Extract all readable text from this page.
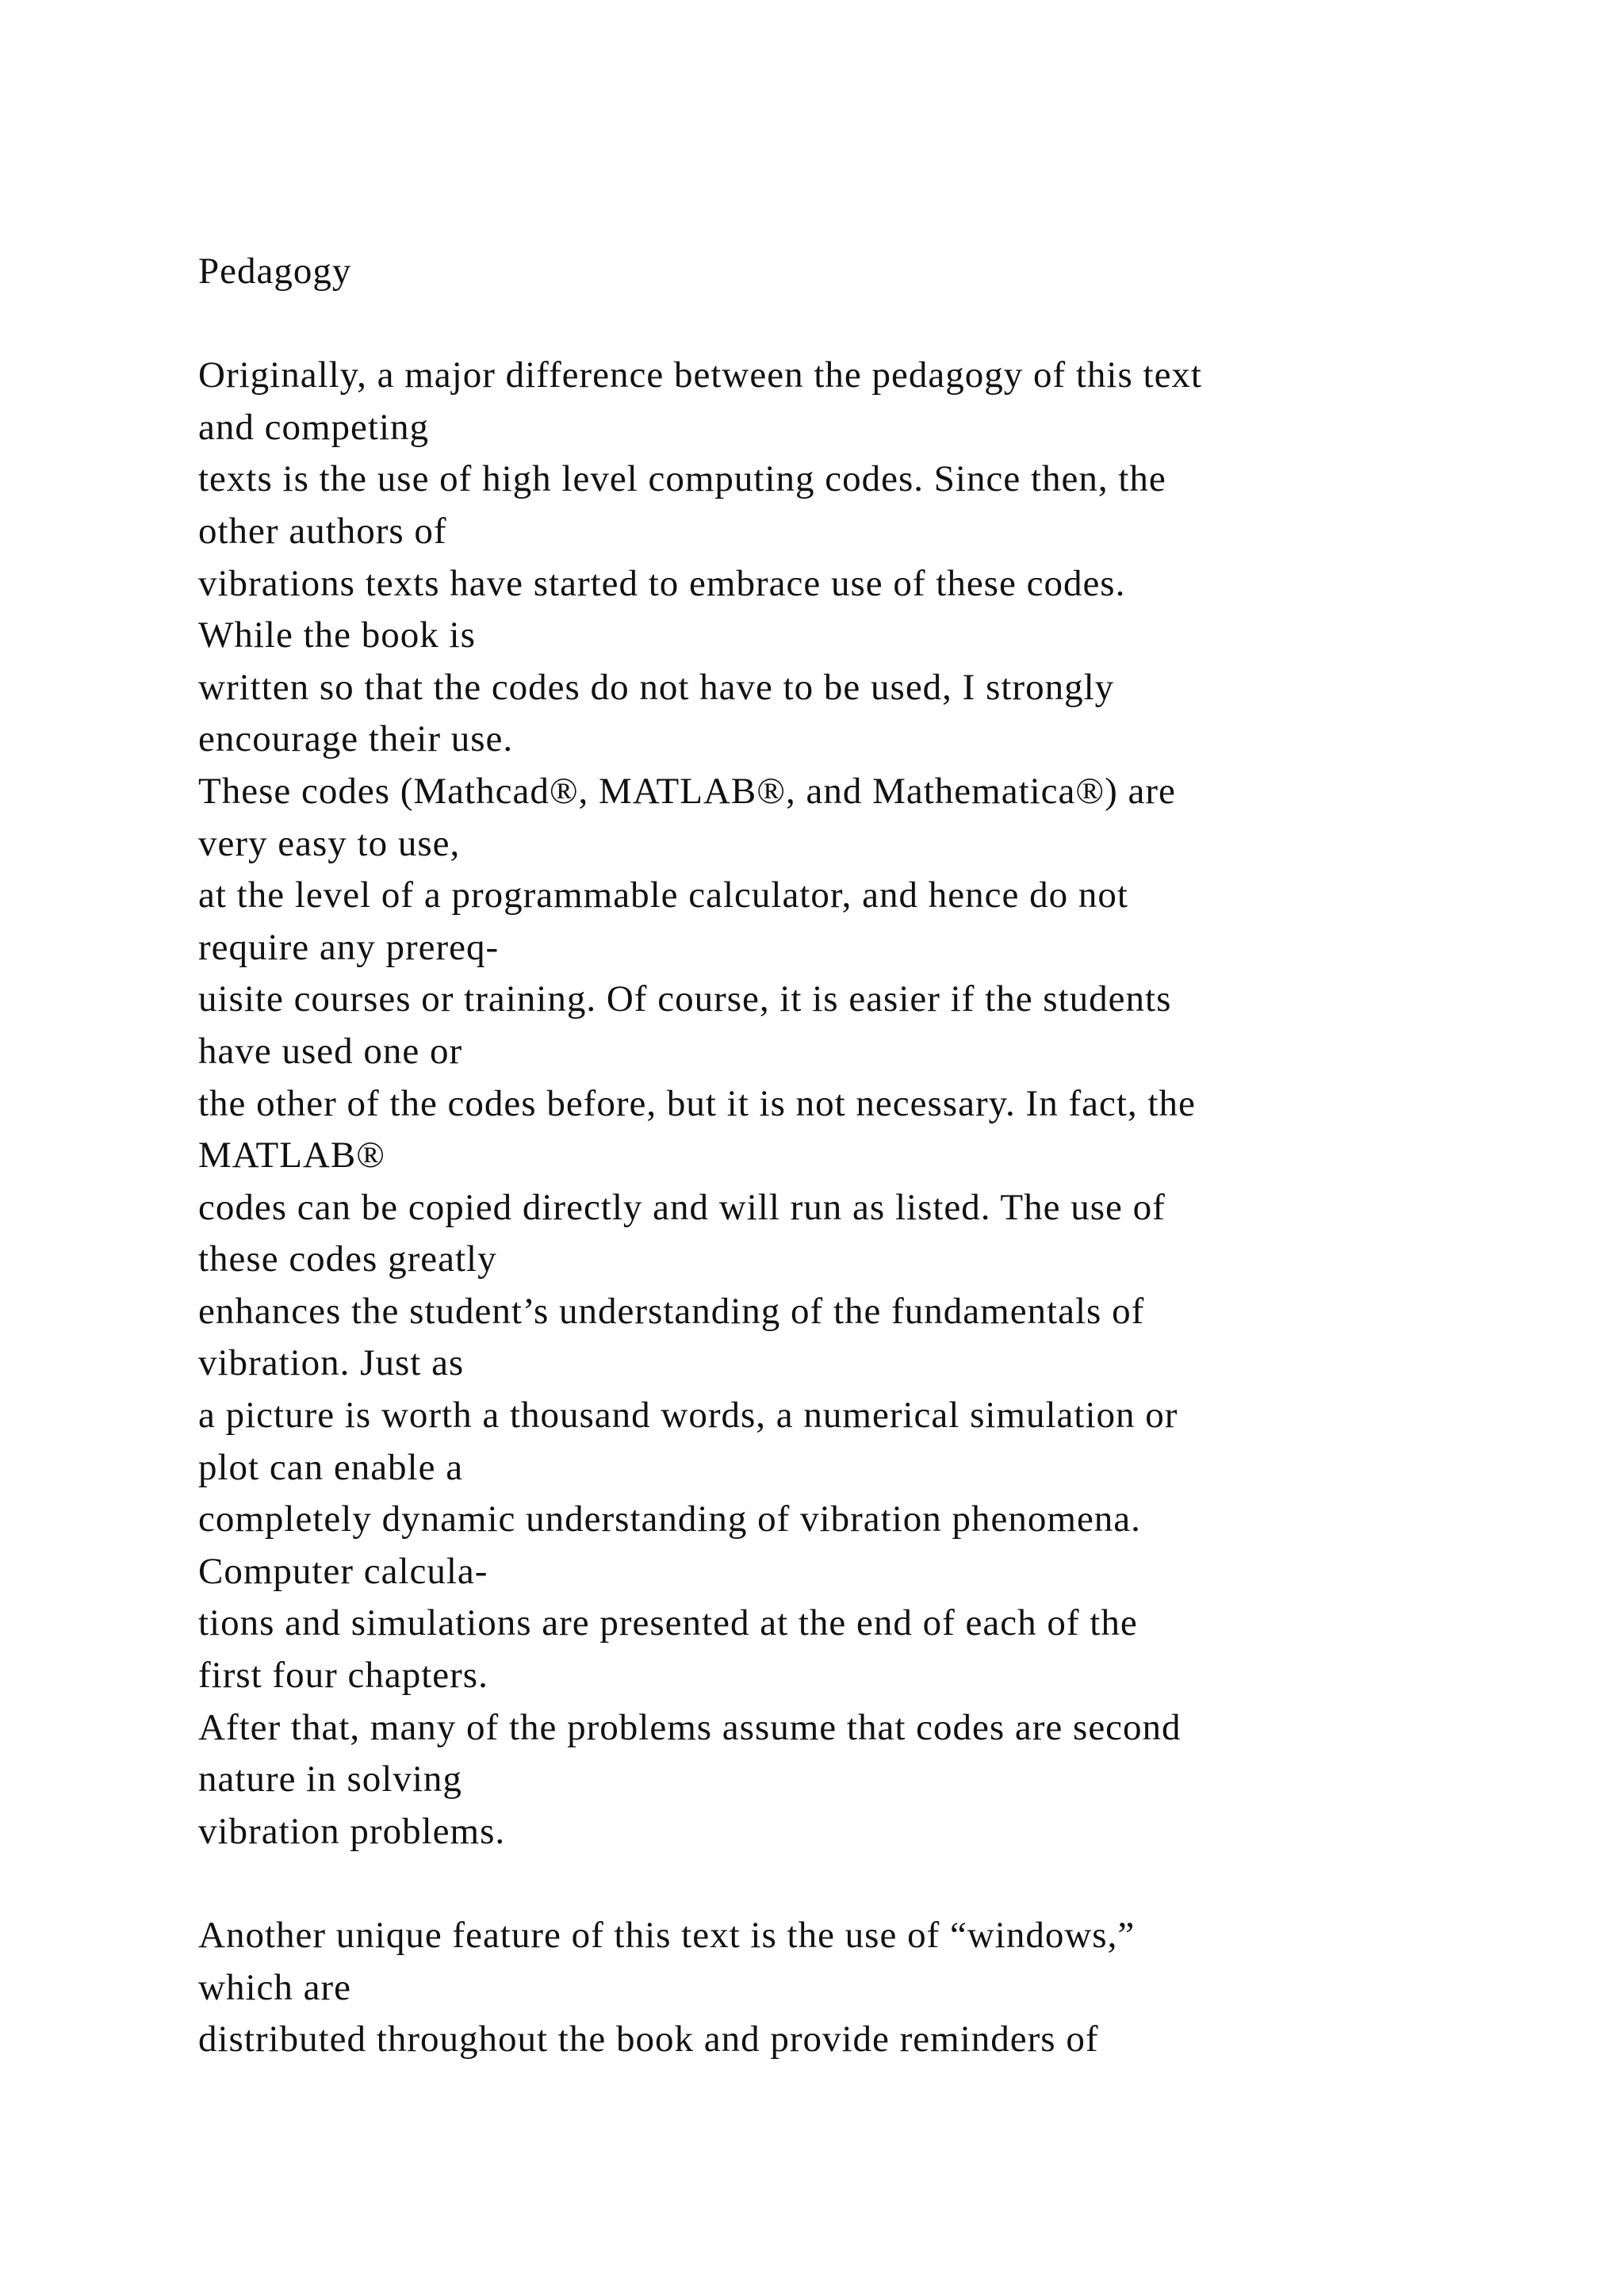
Pedagogy
Originally, a major difference between the pedagogy of this text
and competing
texts is the use of high level computing codes. Since then, the
other authors of
vibrations texts have started to embrace use of these codes.
While the book is
written so that the codes do not have to be used, I strongly
encourage their use.
These codes (Mathcad®, MATLAB®, and Mathematica®) are
very easy to use,
at the level of a programmable calculator, and hence do not
require any prereq-
uisite courses or training. Of course, it is easier if the students
have used one or
the other of the codes before, but it is not necessary. In fact, the
MATLAB®
codes can be copied directly and will run as listed. The use of
these codes greatly
enhances the student’s understanding of the fundamentals of
vibration. Just as
a picture is worth a thousand words, a numerical simulation or
plot can enable a
completely dynamic understanding of vibration phenomena.
Computer calcula-
tions and simulations are presented at the end of each of the
first four chapters.
After that, many of the problems assume that codes are second
nature in solving
vibration problems.
Another unique feature of this text is the use of “windows,”
which are
distributed throughout the book and provide reminders of
